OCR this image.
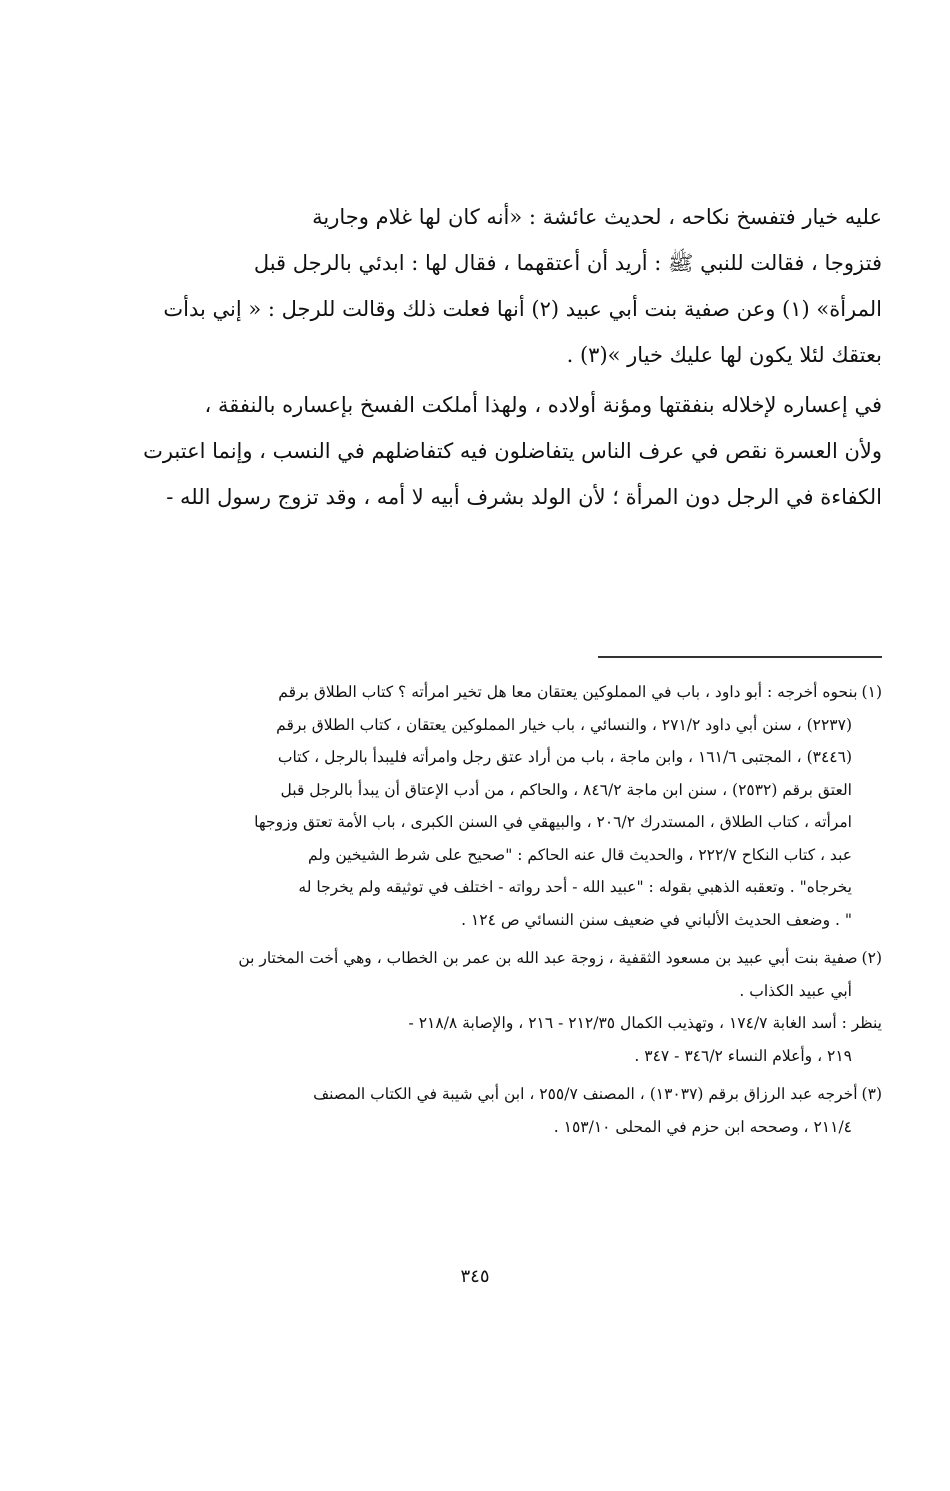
عليه خيار فتفسخ نكاحه ، لحديث عائشة : «أنه كان لها غلام وجارية

فتزوجا ، فقالت للنبي ﷺ : أريد أن أعتقهما ، فقال لها : ابدئي بالرجل قبل

المرأة» (١) وعن صفية بنت أبي عبيد (٢) أنها فعلت ذلك وقالت للرجل : « إني بدأت

بعتقك لئلا يكون لها عليك خيار »(٣) .

في إعساره لإخلاله بنفقتها ومؤنة أولاده ، ولهذا أملكت الفسخ بإعساره بالنفقة ،

ولأن العسرة نقص في عرف الناس يتفاضلون فيه كتفاضلهم في النسب ، وإنما اعتبرت

الكفاءة في الرجل دون المرأة ؛ لأن الولد بشرف أبيه لا أمه ، وقد تزوج رسول الله -

(١)بنحوه أخرجه : أبو داود ، باب في المملوكين يعتقان معا هل تخير امرأته ؟ كتاب الطلاق برقم

(٢٢٣٧) ، سنن أبي داود ٢٧١/٢ ، والنسائي ، باب خيار المملوكين يعتقان ، كتاب الطلاق برقم

(٣٤٤٦) ، المجتبى ١٦١/٦ ، وابن ماجة ، باب من أراد عتق رجل وامرأته فليبدأ بالرجل ، كتاب

العتق برقم (٢٥٣٢) ، سنن ابن ماجة ٨٤٦/٢ ، والحاكم ، من أدب الإعتاق أن يبدأ بالرجل قبل

امرأته ، كتاب الطلاق ، المستدرك ٢٠٦/٢ ، والبيهقي في السنن الكبرى ، باب الأمة تعتق وزوجها

عبد ، كتاب النكاح ٢٢٢/٧ ، والحديث قال عنه الحاكم : "صحيح على شرط الشيخين ولم

يخرجاه" . وتعقبه الذهبي بقوله : "عبيد الله - أحد رواته - اختلف في توثيقه ولم يخرجا له

" . وضعف الحديث الألباني في ضعيف سنن النسائي ص ١٢٤ .

(٢)صفية بنت أبي عبيد بن مسعود الثقفية ، زوجة عبد الله بن عمر بن الخطاب ، وهي أخت المختار بن

أبي عبيد الكذاب .

ينظر : أسد الغابة ١٧٤/٧ ، وتهذيب الكمال ٢١٢/٣٥ - ٢١٦ ، والإصابة ٢١٨/٨ -

٢١٩ ، وأعلام النساء ٣٤٦/٢ - ٣٤٧ .

(٣)أخرجه عبد الرزاق برقم (١٣٠٣٧) ، المصنف ٢٥٥/٧ ، ابن أبي شيبة في الكتاب المصنف

٢١١/٤ ، وصححه ابن حزم في المحلى ١٥٣/١٠ .

٣٤٥
